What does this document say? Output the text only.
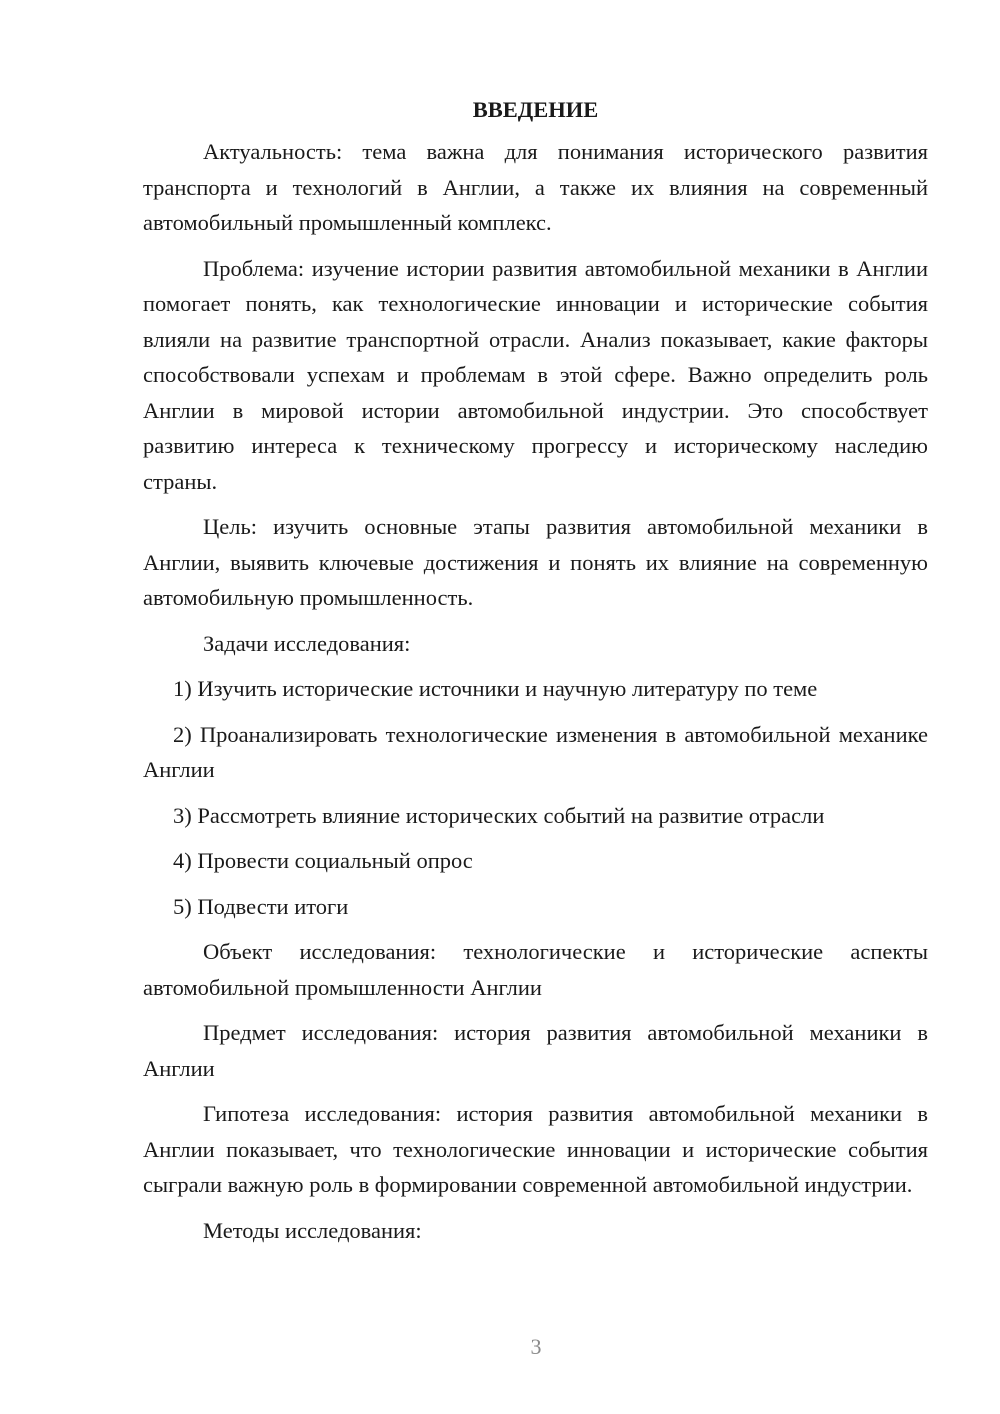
ВВЕДЕНИЕ

Актуальность: тема важна для понимания исторического развития транспорта и технологий в Англии, а также их влияния на современный автомобильный промышленный комплекс.

Проблема: изучение истории развития автомобильной механики в Англии помогает понять, как технологические инновации и исторические события влияли на развитие транспортной отрасли. Анализ показывает, какие факторы способствовали успехам и проблемам в этой сфере. Важно определить роль Англии в мировой истории автомобильной индустрии. Это способствует развитию интереса к техническому прогрессу и историческому наследию страны.

Цель: изучить основные этапы развития автомобильной механики в Англии, выявить ключевые достижения и понять их влияние на современную автомобильную промышленность.

Задачи исследования:

1) Изучить исторические источники и научную литературу по теме

2) Проанализировать технологические изменения в автомобильной механике Англии

3) Рассмотреть влияние исторических событий на развитие отрасли

4) Провести социальный опрос

5) Подвести итоги

Объект исследования: технологические и исторические аспекты автомобильной промышленности Англии

Предмет исследования: история развития автомобильной механики в Англии

Гипотеза исследования: история развития автомобильной механики в Англии показывает, что технологические инновации и исторические события сыграли важную роль в формировании современной автомобильной индустрии.

Методы исследования:

3
